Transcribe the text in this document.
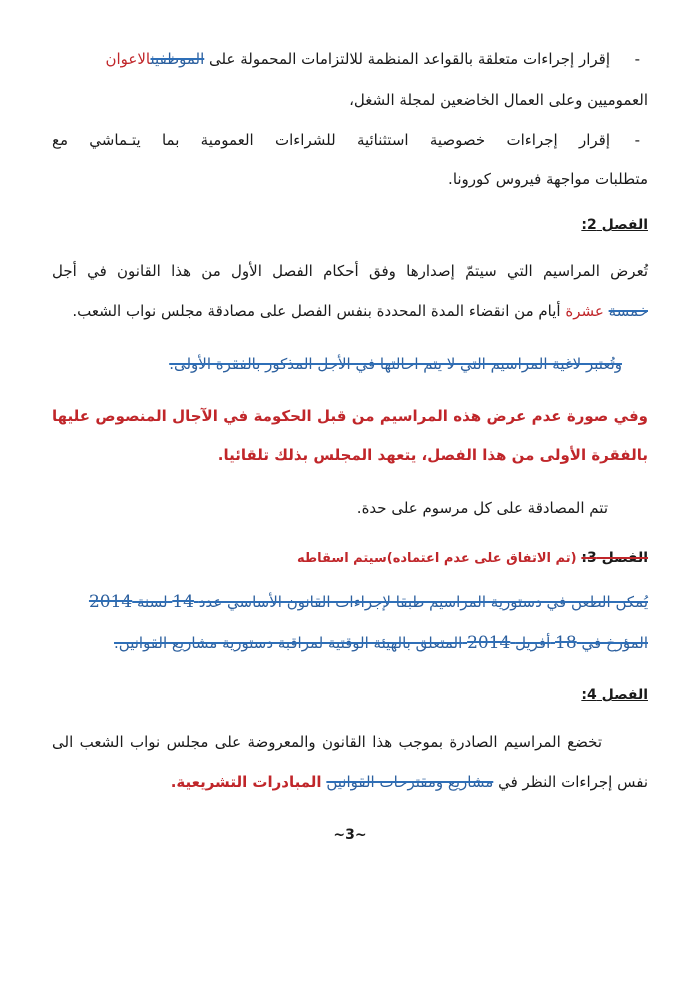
-
إقرار إجراءات متعلقة بالقواعد المنظمة للالتزامات المحمولة على الموظفينالاعوان
العموميين وعلى العمال الخاضعين لمجلة الشغل،
-
إقرار إجراءات خصوصية استثنائية للشراءات العمومية بما يتـماشي مع
متطلبات مواجهة فيروس كورونا.
الفصل 2:
تُعرض المراسيم التي سيتمّ إصدارها وفق أحكام الفصل الأول من هذا القانون في أجل
خمسة عشرة أيام من انقضاء المدة المحددة بنفس الفصل على مصادقة مجلس نواب الشعب.
وتُعتبر لاغية المراسيم التي لا يتم احالتها في الأجل المذكور بالفقرة الأولى.
وفي صورة عدم عرض هذه المراسيم من قبل الحكومة في الآجال المنصوص عليها
بالفقرة الأولى من هذا الفصل، يتعهد المجلس بذلك تلقائيا.
تتم المصادقة على كل مرسوم على حدة.
الفصل 3: (تم الاتفاق على عدم اعتماده)سيتم اسقاطه
يُمكن الطعن في دستورية المراسيم طبقا لإجراءات القانون الأساسي عدد 14 لسنة 2014
المؤرخ في 18 أفريل 2014 المتعلق بالهيئة الوقتية لمراقبة دستورية مشاريع القوانين.
الفصل 4:
تخضع المراسيم الصادرة بموجب هذا القانون والمعروضة على مجلس نواب الشعب الى
نفس إجراءات النظر في مشاريع ومقترحات القوانين المبادرات التشريعية.
~3~
